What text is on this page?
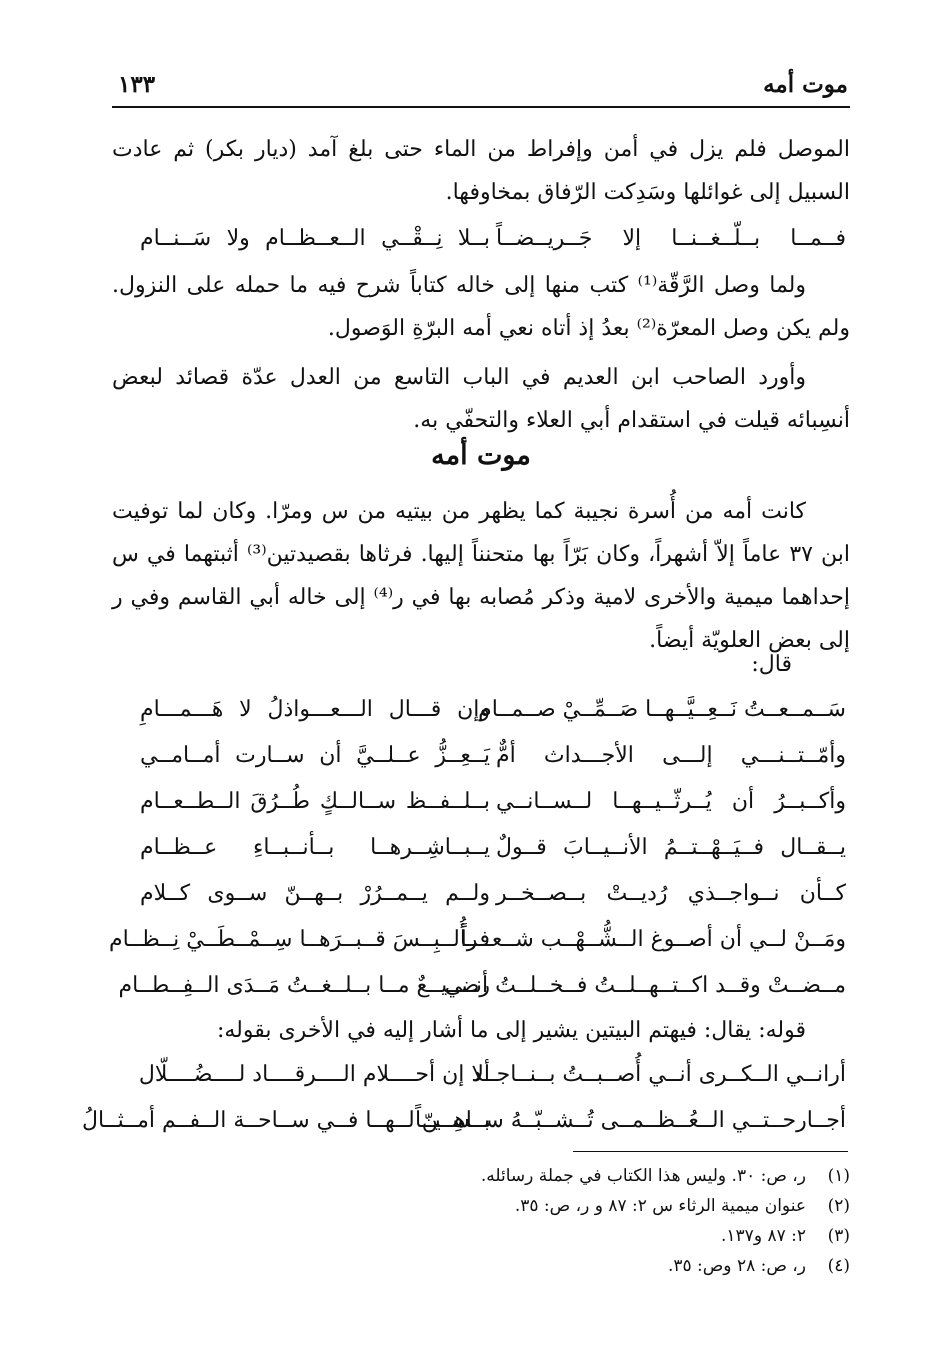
موت أمه
١٣٣

الموصل فلم يزل في أمن وإفراط من الماء حتى بلغ آمد (ديار بكر) ثم عادت السبيل إلى غوائلها وسَدِكت الرّفاق بمخاوفها.

فــمــا بــلّــغــنــا إلا جَــريــضــاً
بــلا نِــقْــي الــعــظــام ولا سَــنــام

ولما وصل الرَّقّة⁽¹⁾ كتب منها إلى خاله كتاباً شرح فيه ما حمله على النزول. ولم يكن وصل المعرّة⁽²⁾ بعدُ إذ أتاه نعي أمه البرّةِ الوَصول.

وأورد الصاحب ابن العديم في الباب التاسع من العدل عدّة قصائد لبعض أنسِبائه قيلت في استقدام أبي العلاء والتحفّي به.

موت أمه

كانت أمه من أُسرة نجيبة كما يظهر من بيتيه من س ومرّا. وكان لما توفيت ابن ٣٧ عاماً إلاّ أشهراً، وكان بَرّاً بها متحنناً إليها. فرثاها بقصيدتين⁽³⁾ أثبتهما في س إحداهما ميمية والأخرى لامية وذكر مُصابه بها في ر⁽⁴⁾ إلى خاله أبي القاسم وفي ر إلى بعض العلويّة أيضاً.

قال:
سَــمــعــتُ نَــعِــيَّــهــا صَــمِّــيْ صــمــام
وإن قـــال الـــعـــواذلُ لا هَـــمـــامِ
وأمّــتــنـــي إلـــى الأجـــداث أمٌّ
يَــعِــزُّ عــلــيَّ أن ســارت أمــامــي
وأكــبــرُ أن يُــرثّــيــهــا لــســانــي
بــلــفــظ ســالــكٍ طُــرُقَ الــطــعــام
يــقــال فــيَــهْــتــمُ الأنــيــابَ قــولٌ
يــبــاشِــرهــا بــأنــبــاءِ عــظــام
كــأن نــواجــذي رُديــتْ بــصــخــر
ولــم يــمــرُرْ بــهــنّ ســوى كــلام
ومَــنْ لــي أن أصــوغ الــشُّــهْــب شــعــراً
فــأُلــبِــسَ قــبــرَهــا سِــمْــطَــيْ نِــظــام
مــضــتْ وقــد اكــتــهــلــتُ فــخــلــتُ أنــي
رضــيــعٌ مــا بــلــغــتُ مَــدَى الــفِــطــام

قوله: يقال: فيهتم البيتين يشير إلى ما أشار إليه في الأخرى بقوله:

أرانــي الــكــرى أنــي أُصــبــتُ بــنــاجــد
ألا إن أحــــلام الــــرقــــاد لــــضُــــلّال
أجــارحــتــي الــعُــظــمــى تُــشــبّــهُ ســاهــيــاً
بــسِــنّ لــهــا فــي ســاحــة الــفــم أمــثــالُ
(١)
ر، ص: ٣٠. وليس هذا الكتاب في جملة رسائله.
(٢)
عنوان ميمية الرثاء س ٢: ٨٧ و ر، ص: ٣٥.
(٣)
٢: ٨٧ و١٣٧.
(٤)
ر، ص: ٢٨ وص: ٣٥.
